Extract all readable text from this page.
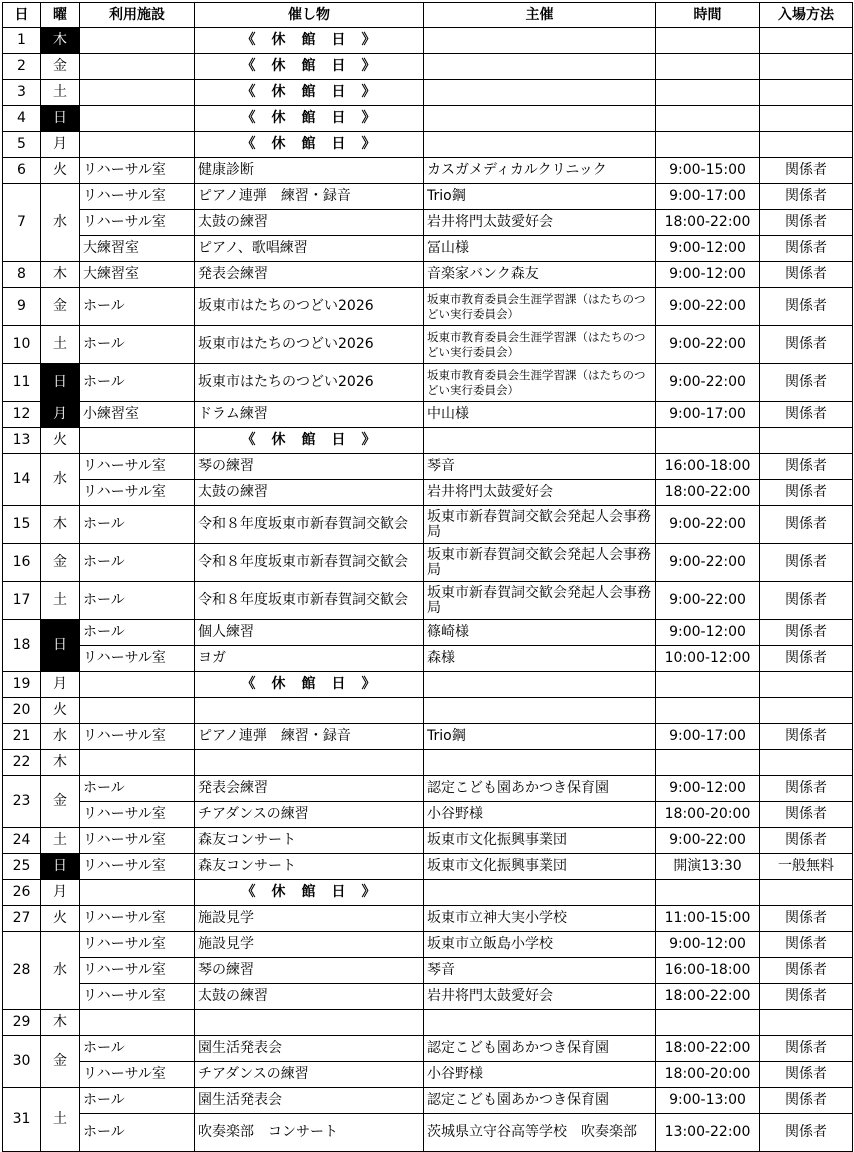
日	曜	利用施設	催し物	主催	時間	入場方法
1	木		《　休　館　日　》			
2	金		《　休　館　日　》			
3	土		《　休　館　日　》			
4	日		《　休　館　日　》			
5	月		《　休　館　日　》			
6	火	リハーサル室	健康診断	カスガメディカルクリニック	9:00-15:00	関係者
7	水	リハーサル室	ピアノ連弾　練習・録音	Trio鋼	9:00-17:00	関係者
		リハーサル室	太鼓の練習	岩井将門太鼓愛好会	18:00-22:00	関係者
		大練習室	ピアノ、歌唱練習	冨山様	9:00-12:00	関係者
8	木	大練習室	発表会練習	音楽家バンク森友	9:00-12:00	関係者
9	金	ホール	坂東市はたちのつどい2026	坂東市教育委員会生涯学習課（はたちのつどい実行委員会）	9:00-22:00	関係者
10	土	ホール	坂東市はたちのつどい2026	坂東市教育委員会生涯学習課（はたちのつどい実行委員会）	9:00-22:00	関係者
11	日	ホール	坂東市はたちのつどい2026	坂東市教育委員会生涯学習課（はたちのつどい実行委員会）	9:00-22:00	関係者
12	月	小練習室	ドラム練習	中山様	9:00-17:00	関係者
13	火		《　休　館　日　》			
14	水	リハーサル室	琴の練習	琴音	16:00-18:00	関係者
		リハーサル室	太鼓の練習	岩井将門太鼓愛好会	18:00-22:00	関係者
15	木	ホール	令和８年度坂東市新春賀詞交歓会	坂東市新春賀詞交歓会発起人会事務局	9:00-22:00	関係者
16	金	ホール	令和８年度坂東市新春賀詞交歓会	坂東市新春賀詞交歓会発起人会事務局	9:00-22:00	関係者
17	土	ホール	令和８年度坂東市新春賀詞交歓会	坂東市新春賀詞交歓会発起人会事務局	9:00-22:00	関係者
18	日	ホール	個人練習	篠崎様	9:00-12:00	関係者
		リハーサル室	ヨガ	森様	10:00-12:00	関係者
19	月		《　休　館　日　》			
20	火					
21	水	リハーサル室	ピアノ連弾　練習・録音	Trio鋼	9:00-17:00	関係者
22	木					
23	金	ホール	発表会練習	認定こども園あかつき保育園	9:00-12:00	関係者
		リハーサル室	チアダンスの練習	小谷野様	18:00-20:00	関係者
24	土	リハーサル室	森友コンサート	坂東市文化振興事業団	9:00-22:00	関係者
25	日	リハーサル室	森友コンサート	坂東市文化振興事業団	開演13:30	一般無料
26	月		《　休　館　日　》			
27	火	リハーサル室	施設見学	坂東市立神大実小学校	11:00-15:00	関係者
28	水	リハーサル室	施設見学	坂東市立飯島小学校	9:00-12:00	関係者
		リハーサル室	琴の練習	琴音	16:00-18:00	関係者
		リハーサル室	太鼓の練習	岩井将門太鼓愛好会	18:00-22:00	関係者
29	木					
30	金	ホール	園生活発表会	認定こども園あかつき保育園	18:00-22:00	関係者
		リハーサル室	チアダンスの練習	小谷野様	18:00-20:00	関係者
31	土	ホール	園生活発表会	認定こども園あかつき保育園	9:00-13:00	関係者
		ホール	吹奏楽部　コンサート	茨城県立守谷高等学校　吹奏楽部	13:00-22:00	関係者
